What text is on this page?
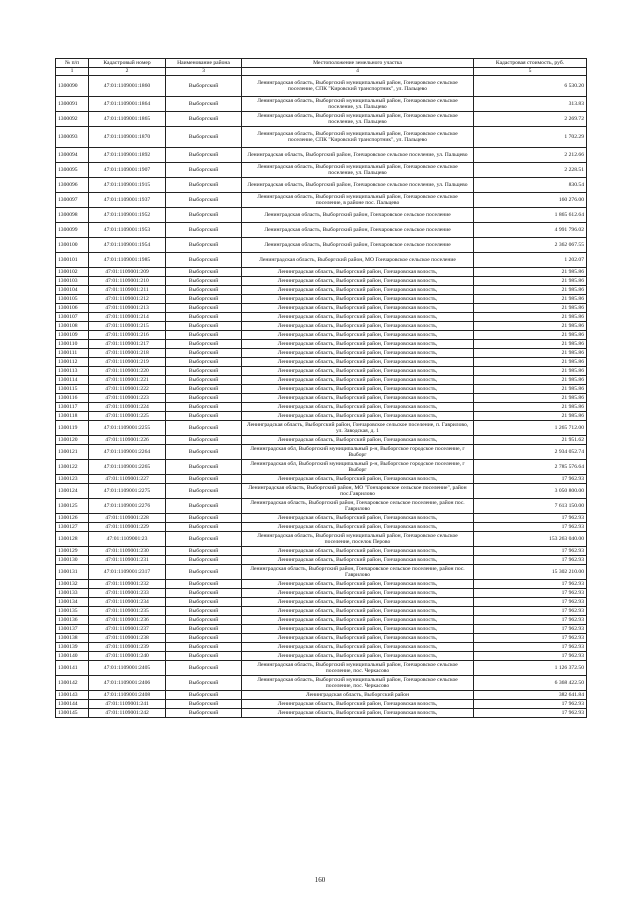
№ п/п	Кадастровый номер	Наименование района	Местоположение земельного участка	Кадастровая стоимость, руб.
1	2	3	4	5
1300090	47:01:1109001:1860	Выборгский	Ленинградская область, Выборгский муниципальный район, Гончаровское сельское поселение, СПК "Кировский транспортник", ул. Пальцево	6 530.20
1300091	47:01:1109001:1864	Выборгский	Ленинградская область, Выборгский муниципальный район, Гончаровское сельское поселение, ул. Пальцево	313.83
1300092	47:01:1109001:1865	Выборгский	Ленинградская область, Выборгский муниципальный район, Гончаровское сельское поселение, ул. Пальцево	2 269.72
1300093	47:01:1109001:1870	Выборгский	Ленинградская область, Выборгский муниципальный район, Гончаровское сельское поселение, СПК "Кировский транспортник", ул. Пальцево	1 702.29
1300094	47:01:1109001:1892	Выборгский	Ленинградская область, Выборгский район, Гончаровское сельское поселение, ул. Пальцево	2 212.66
1300095	47:01:1109001:1907	Выборгский	Ленинградская область, Выборгский муниципальный район, Гончаровское сельское поселение, ул. Пальцево	2 228.51
1300096	47:01:1109001:1915	Выборгский	Ленинградская область, Выборгский район, Гончаровское сельское поселение, ул. Пальцево	830.54
1300097	47:01:1109001:1937	Выборгский	Ленинградская область, Выборгский муниципальный район, Гончаровское сельское поселение, в районе пос. Пальцево	160 276.00
1300098	47:01:1109001:1952	Выборгский	Ленинградская область, Выборгский район, Гончаровское сельское поселение	1 865 612.64
1300099	47:01:1109001:1953	Выборгский	Ленинградская область, Выборгский район, Гончаровское сельское поселение	4 991 796.02
1300100	47:01:1109001:1954	Выборгский	Ленинградская область, Выборгский район, Гончаровское сельское поселение	2 362 067.55
1300101	47:01:1109001:1985	Выборгский	Ленинградская область, Выборгский район, МО Гончаровское сельское поселение	1 202.07
1300102	47:01:1109001:209	Выборгский	Ленинградская область, Выборгский район, Гончаровская волость,	21 985.86
1300103	47:01:1109001:210	Выборгский	Ленинградская область, Выборгский район, Гончаровская волость,	21 985.86
1300104	47:01:1109001:211	Выборгский	Ленинградская область, Выборгский район, Гончаровская волость,	21 985.86
1300105	47:01:1109001:212	Выборгский	Ленинградская область, Выборгский район, Гончаровская волость,	21 985.86
1300106	47:01:1109001:213	Выборгский	Ленинградская область, Выборгский район, Гончаровская волость,	21 985.86
1300107	47:01:1109001:214	Выборгский	Ленинградская область, Выборгский район, Гончаровская волость,	21 985.86
1300108	47:01:1109001:215	Выборгский	Ленинградская область, Выборгский район, Гончаровская волость,	21 985.86
1300109	47:01:1109001:216	Выборгский	Ленинградская область, Выборгский район, Гончаровская волость,	21 985.86
1300110	47:01:1109001:217	Выборгский	Ленинградская область, Выборгский район, Гончаровская волость,	21 985.86
1300111	47:01:1109001:218	Выборгский	Ленинградская область, Выборгский район, Гончаровская волость,	21 985.86
1300112	47:01:1109001:219	Выборгский	Ленинградская область, Выборгский район, Гончаровская волость,	21 985.86
1300113	47:01:1109001:220	Выборгский	Ленинградская область, Выборгский район, Гончаровская волость,	21 985.86
1300114	47:01:1109001:221	Выборгский	Ленинградская область, Выборгский район, Гончаровская волость,	21 985.86
1300115	47:01:1109001:222	Выборгский	Ленинградская область, Выборгский район, Гончаровская волость,	21 985.86
1300116	47:01:1109001:223	Выборгский	Ленинградская область, Выборгский район, Гончаровская волость,	21 985.86
1300117	47:01:1109001:224	Выборгский	Ленинградская область, Выборгский район, Гончаровская волость,	21 985.86
1300118	47:01:1109001:225	Выборгский	Ленинградская область, Выборгский район, Гончаровская волость,	21 985.86
1300119	47:01:1109001:2255	Выборгский	Ленинградская область, Выборгский район, Гончаровское сельское поселение, п. Гаврилово, ул. Заводская, д. 1	1 265 712.00
1300120	47:01:1109001:226	Выборгский	Ленинградская область, Выборгский район, Гончаровская волость,	21 951.62
1300121	47:01:1109001:2264	Выборгский	Ленинградская обл, Выборгский муниципальный р-н, Выборгское городское поселение, г Выборг	2 934 052.74
1300122	47:01:1109001:2265	Выборгский	Ленинградская обл, Выборгский муниципальный р-н, Выборгское городское поселение, г Выборг	2 785 576.64
1300123	47:01:1109001:227	Выборгский	Ленинградская область, Выборгский район, Гончаровская волость,	17 962.93
1300124	47:01:1109001:2275	Выборгский	Ленинградская область, Выборгский район, МО "Гончаровское сельское поселение", район пос.Гаврилово	3 050 800.00
1300125	47:01:1109001:2276	Выборгский	Ленинградская область, Выборгский район, Гончаровское сельское поселение, район пос. Гаврилово	7 613 150.00
1300126	47:01:1109001:228	Выборгский	Ленинградская область, Выборгский район, Гончаровская волость,	17 962.93
1300127	47:01:1109001:229	Выборгский	Ленинградская область, Выборгский район, Гончаровская волость,	17 962.93
1300128	47:01:1109001:23	Выборгский	Ленинградская область, Выборгский муниципальный район, Гончаровское сельское поселение, поселок Перово	153 263 040.00
1300129	47:01:1109001:230	Выборгский	Ленинградская область, Выборгский район, Гончаровская волость,	17 962.93
1300130	47:01:1109001:231	Выборгский	Ленинградская область, Выборгский район, Гончаровская волость,	17 962.93
1300131	47:01:1109001:2317	Выборгский	Ленинградская область, Выборгский район, Гончаровское сельское поселение, район пос. Гаврилово	15 302 210.00
1300132	47:01:1109001:232	Выборгский	Ленинградская область, Выборгский район, Гончаровская волость,	17 962.93
1300133	47:01:1109001:233	Выборгский	Ленинградская область, Выборгский район, Гончаровская волость,	17 962.93
1300134	47:01:1109001:234	Выборгский	Ленинградская область, Выборгский район, Гончаровская волость,	17 962.93
1300135	47:01:1109001:235	Выборгский	Ленинградская область, Выборгский район, Гончаровская волость,	17 962.93
1300136	47:01:1109001:236	Выборгский	Ленинградская область, Выборгский район, Гончаровская волость,	17 962.93
1300137	47:01:1109001:237	Выборгский	Ленинградская область, Выборгский район, Гончаровская волость,	17 962.93
1300138	47:01:1109001:238	Выборгский	Ленинградская область, Выборгский район, Гончаровская волость,	17 962.93
1300139	47:01:1109001:239	Выборгский	Ленинградская область, Выборгский район, Гончаровская волость,	17 962.93
1300140	47:01:1109001:240	Выборгский	Ленинградская область, Выборгский район, Гончаровская волость,	17 962.93
1300141	47:01:1109001:2405	Выборгский	Ленинградская область, Выборгский муниципальный район, Гончаровское сельское поселение, пос. Черкасово	1 126 372.50
1300142	47:01:1109001:2406	Выборгский	Ленинградская область, Выборгский муниципальный район, Гончаровское сельское поселение, пос. Черкасово	6 368 422.50
1300143	47:01:1109001:2408	Выборгский	Ленинградская область, Выборгский район	382 641.84
1300144	47:01:1109001:241	Выборгский	Ленинградская область, Выборгский район, Гончаровская волость,	17 962.93
1300145	47:01:1109001:242	Выборгский	Ленинградская область, Выборгский район, Гончаровская волость,	17 962.93
160
